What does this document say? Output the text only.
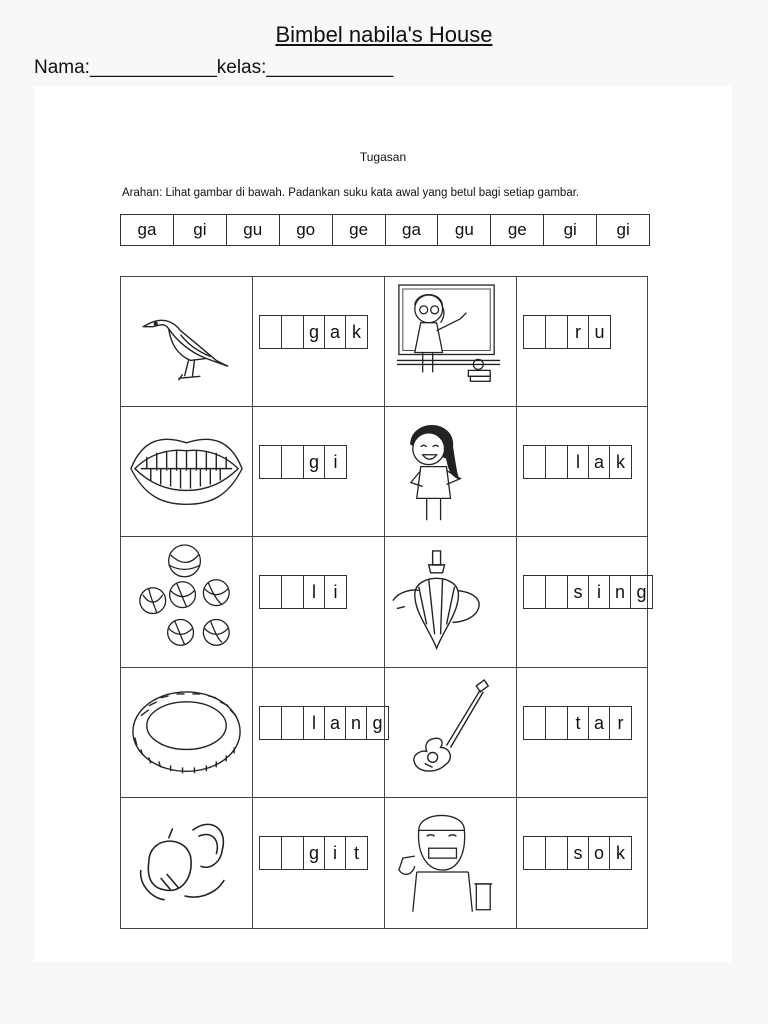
Bimbel nabila's House
Nama:____________kelas:____________
Tugasan
Arahan: Lihat gambar di bawah. Padankan suku kata awal yang betul bagi setiap gambar.
ga	gi	gu	go	ge	ga	gu	ge	gi	gi
g a k	r u
g i	l a k
l i	s i n g
l a n g	t a r
g i t	s o k
